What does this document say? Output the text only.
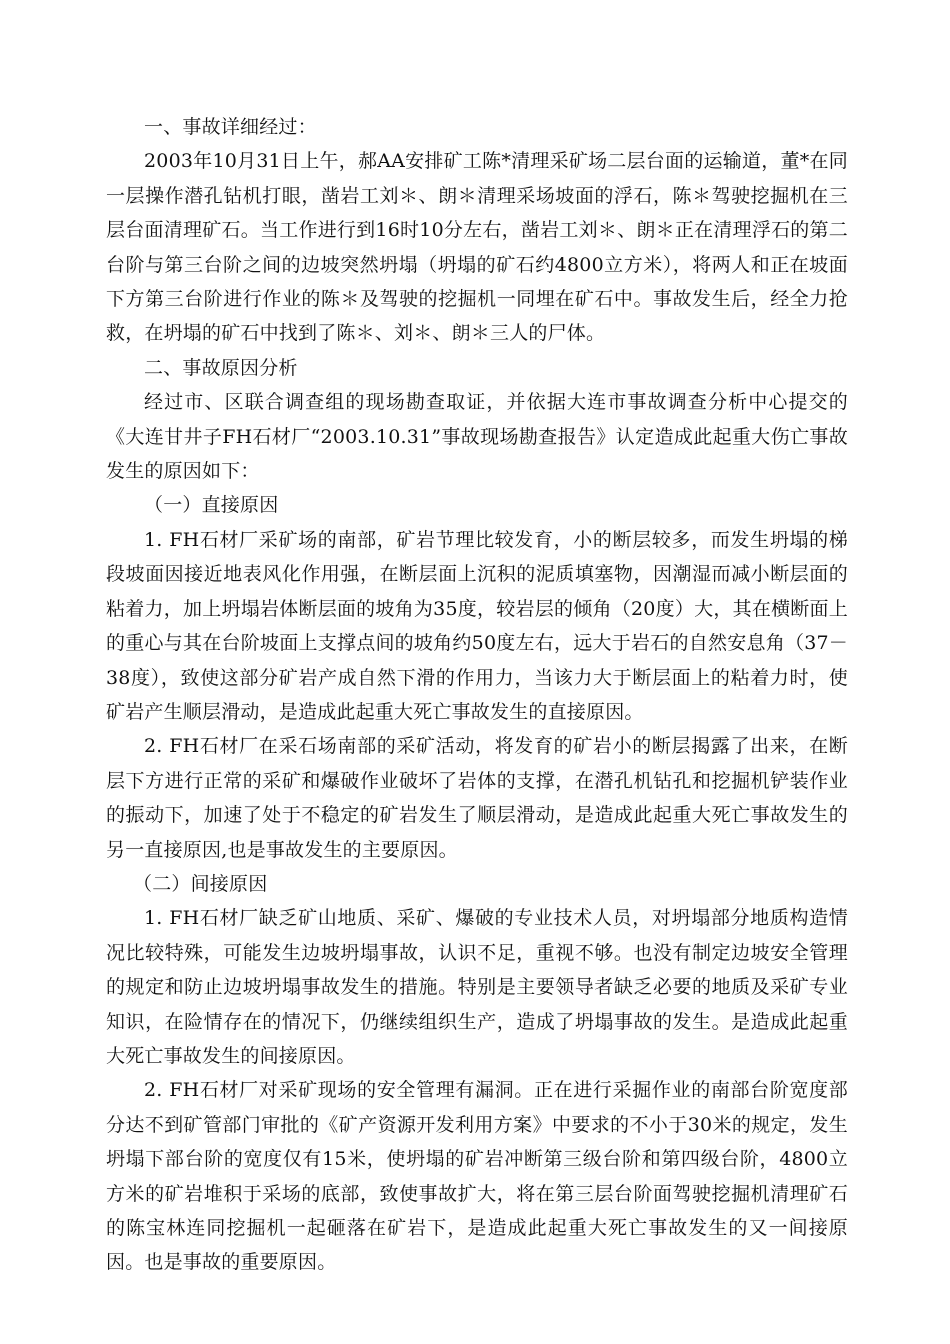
一、事故详细经过：

2003年10月31日上午，郝AA安排矿工陈*清理采矿场二层台面的运输道，董*在同一层操作潜孔钻机打眼，凿岩工刘＊、朗＊清理采场坡面的浮石，陈＊驾驶挖掘机在三层台面清理矿石。当工作进行到16时10分左右，凿岩工刘＊、朗＊正在清理浮石的第二台阶与第三台阶之间的边坡突然坍塌（坍塌的矿石约4800立方米），将两人和正在坡面下方第三台阶进行作业的陈＊及驾驶的挖掘机一同埋在矿石中。事故发生后，经全力抢救，在坍塌的矿石中找到了陈＊、刘＊、朗＊三人的尸体。

二、事故原因分析

经过市、区联合调查组的现场勘查取证，并依据大连市事故调查分析中心提交的《大连甘井子FH石材厂“2003.10.31”事故现场勘查报告》认定造成此起重大伤亡事故发生的原因如下：

（一）直接原因

1. FH石材厂采矿场的南部，矿岩节理比较发育，小的断层较多，而发生坍塌的梯段坡面因接近地表风化作用强，在断层面上沉积的泥质填塞物，因潮湿而减小断层面的粘着力，加上坍塌岩体断层面的坡角为35度，较岩层的倾角（20度）大，其在横断面上的重心与其在台阶坡面上支撑点间的坡角约50度左右，远大于岩石的自然安息角（37－38度），致使这部分矿岩产成自然下滑的作用力，当该力大于断层面上的粘着力时，使矿岩产生顺层滑动，是造成此起重大死亡事故发生的直接原因。

2. FH石材厂在采石场南部的采矿活动，将发育的矿岩小的断层揭露了出来，在断层下方进行正常的采矿和爆破作业破坏了岩体的支撑，在潜孔机钻孔和挖掘机铲装作业的振动下，加速了处于不稳定的矿岩发生了顺层滑动，是造成此起重大死亡事故发生的另一直接原因,也是事故发生的主要原因。

（二）间接原因

1. FH石材厂缺乏矿山地质、采矿、爆破的专业技术人员，对坍塌部分地质构造情况比较特殊，可能发生边坡坍塌事故，认识不足，重视不够。也没有制定边坡安全管理的规定和防止边坡坍塌事故发生的措施。特别是主要领导者缺乏必要的地质及采矿专业知识，在险情存在的情况下，仍继续组织生产，造成了坍塌事故的发生。是造成此起重大死亡事故发生的间接原因。

2. FH石材厂对采矿现场的安全管理有漏洞。正在进行采掘作业的南部台阶宽度部分达不到矿管部门审批的《矿产资源开发利用方案》中要求的不小于30米的规定，发生坍塌下部台阶的宽度仅有15米，使坍塌的矿岩冲断第三级台阶和第四级台阶，4800立方米的矿岩堆积于采场的底部，致使事故扩大，将在第三层台阶面驾驶挖掘机清理矿石的陈宝林连同挖掘机一起砸落在矿岩下，是造成此起重大死亡事故发生的又一间接原因。也是事故的重要原因。
